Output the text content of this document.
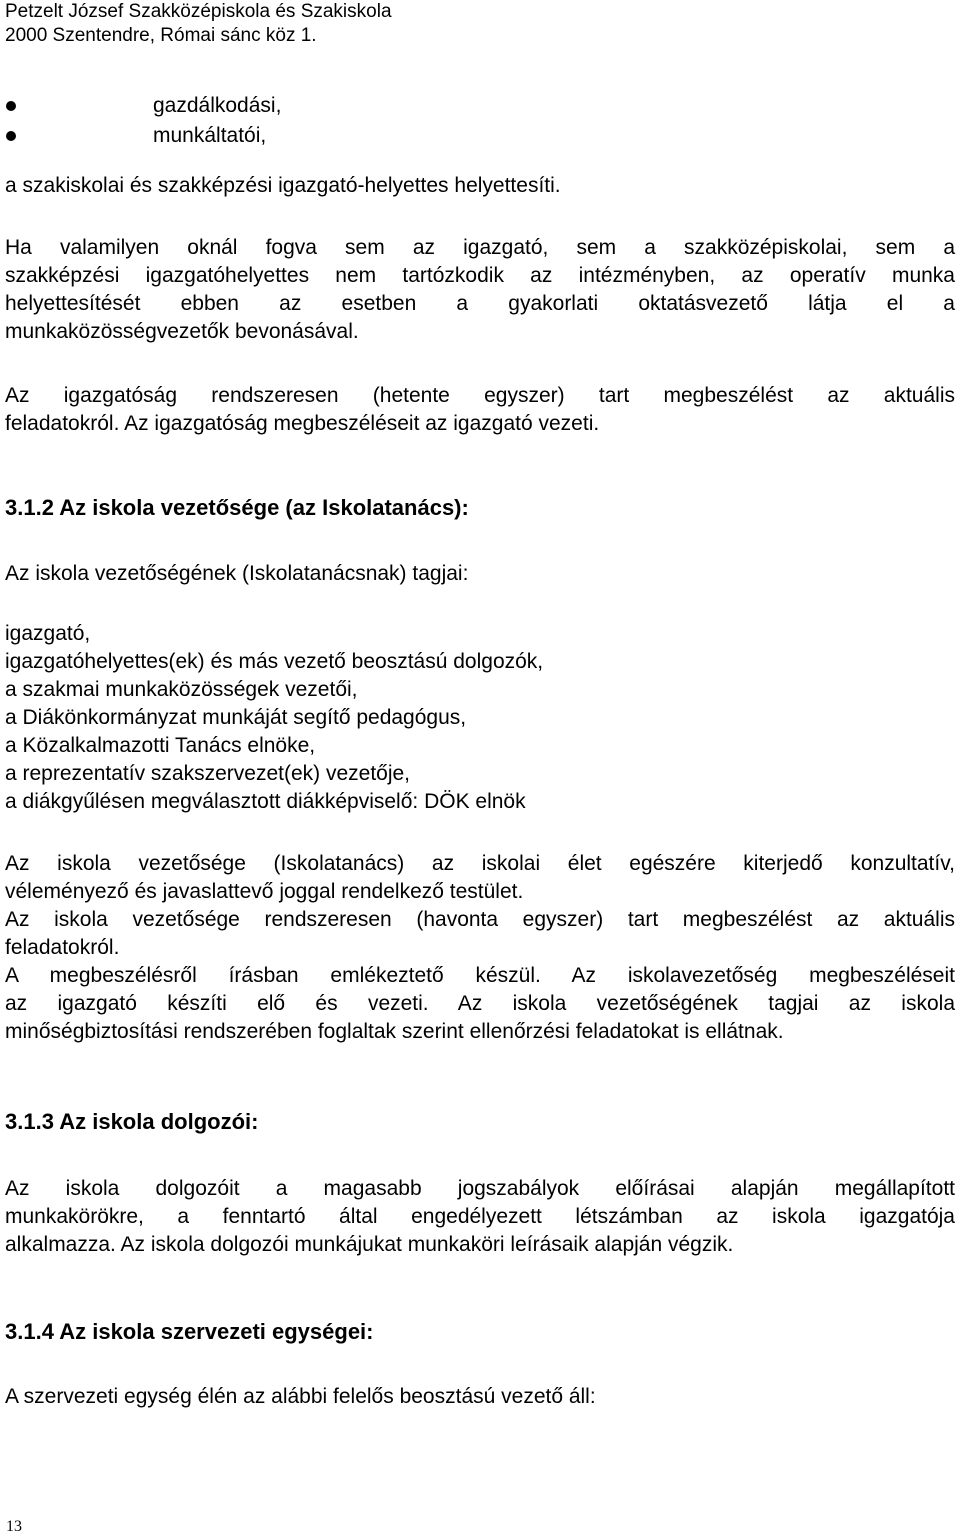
Petzelt József Szakközépiskola és Szakiskola
2000 Szentendre, Római sánc köz 1.
gazdálkodási,
munkáltatói,
a szakiskolai és szakképzési igazgató-helyettes helyettesíti.
Ha valamilyen oknál fogva sem az igazgató, sem a szakközépiskolai, sem a
szakképzési igazgatóhelyettes nem tartózkodik az intézményben, az operatív munka
helyettesítését ebben az esetben a gyakorlati oktatásvezető látja el a
munkaközösségvezetők bevonásával.
Az igazgatóság rendszeresen (hetente egyszer) tart megbeszélést az aktuális
feladatokról. Az igazgatóság megbeszéléseit az igazgató vezeti.
3.1.2 Az iskola vezetősége (az Iskolatanács):
Az iskola vezetőségének (Iskolatanácsnak) tagjai:
igazgató,
igazgatóhelyettes(ek) és más vezető beosztású dolgozók,
a szakmai munkaközösségek vezetői,
a Diákönkormányzat munkáját segítő pedagógus,
a Közalkalmazotti Tanács elnöke,
a reprezentatív szakszervezet(ek) vezetője,
a diákgyűlésen megválasztott diákképviselő: DÖK elnök
Az iskola vezetősége (Iskolatanács) az iskolai élet egészére kiterjedő konzultatív,
véleményező és javaslattevő joggal rendelkező testület.
Az iskola vezetősége rendszeresen (havonta egyszer) tart megbeszélést az aktuális
feladatokról.
A megbeszélésről írásban emlékeztető készül. Az iskolavezetőség megbeszéléseit
az igazgató készíti elő és vezeti. Az iskola vezetőségének tagjai az iskola
minőségbiztosítási rendszerében foglaltak szerint ellenőrzési feladatokat is ellátnak.
3.1.3 Az iskola dolgozói:
Az iskola dolgozóit a magasabb jogszabályok előírásai alapján megállapított
munkakörökre, a fenntartó által engedélyezett létszámban az iskola igazgatója
alkalmazza. Az iskola dolgozói munkájukat munkaköri leírásaik alapján végzik.
3.1.4 Az iskola szervezeti egységei:
A szervezeti egység élén az alábbi felelős beosztású vezető áll:
13
